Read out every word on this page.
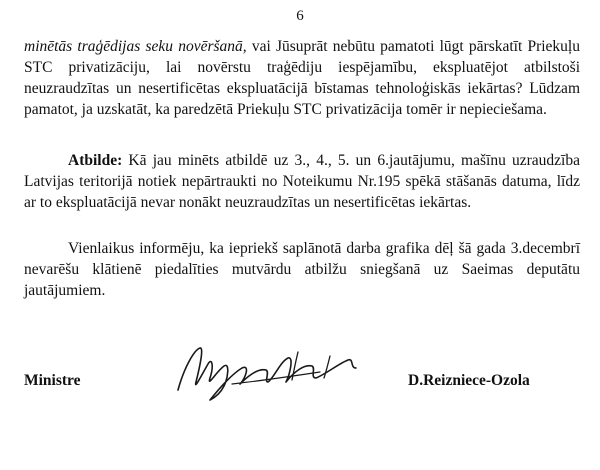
6

minētās traģēdijas seku novēršanā, vai Jūsuprāt nebūtu pamatoti lūgt pārskatīt Priekuļu STC privatizāciju, lai novērstu traģēdiju iespējamību, ekspluatējot atbilstoši neuzraudzītas un nesertificētas ekspluatācijā bīstamas tehnoloģiskās iekārtas? Lūdzam pamatot, ja uzskatāt, ka paredzētā Priekuļu STC privatizācija tomēr ir nepieciešama.

Atbilde: Kā jau minēts atbildē uz 3., 4., 5. un 6.jautājumu, mašīnu uzraudzība Latvijas teritorijā notiek nepārtraukti no Noteikumu Nr.195 spēkā stāšanās datuma, līdz ar to ekspluatācijā nevar nonākt neuzraudzītas un nesertificētas iekārtas.

Vienlaikus informēju, ka iepriekš saplānotā darba grafika dēļ šā gada 3.decembrī nevarēšu klātienē piedalīties mutvārdu atbilžu sniegšanā uz Saeimas deputātu jautājumiem.

Ministre	D.Reizniece-Ozola
